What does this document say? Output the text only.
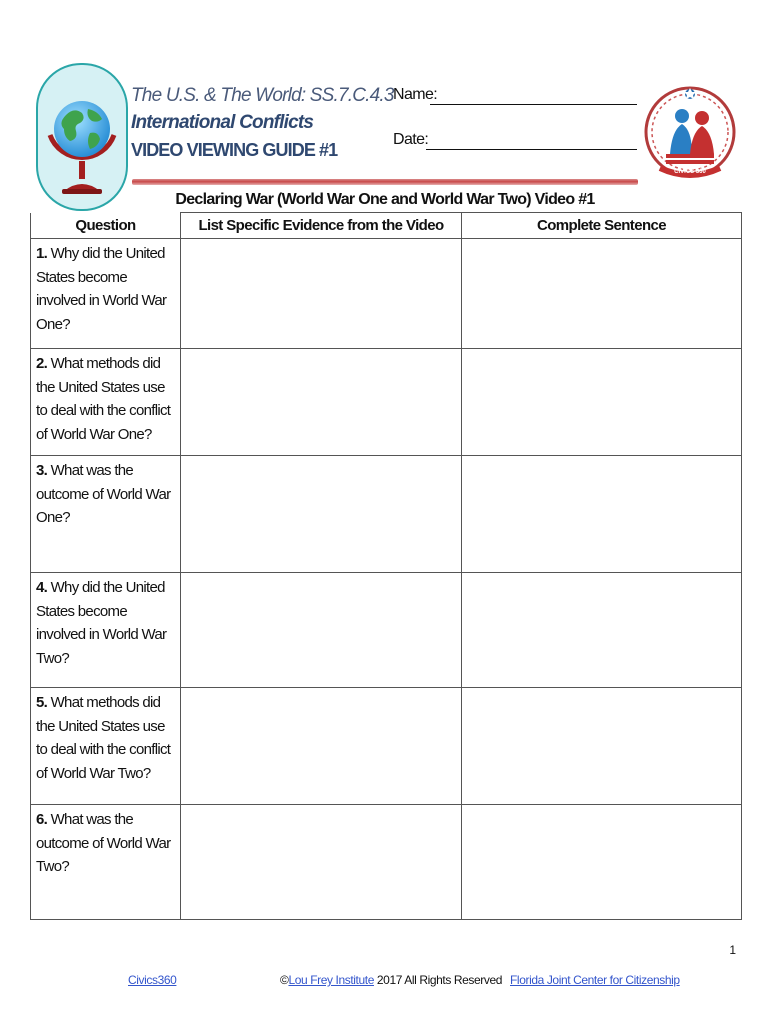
CIVICS 360
The U.S. & The World: SS.7.C.4.3
International Conflicts
VIDEO VIEWING GUIDE #1
Name:
Date:
Declaring War (World War One and World War Two) Video #1
Question	List Specific Evidence from the Video	Complete Sentence
1. Why did the United States become involved in World War One?		
2. What methods did the United States use to deal with the conflict of World War One?		
3. What was the outcome of World War One?		
4. Why did the United States become involved in World War Two?		
5. What methods did the United States use to deal with the conflict of World War Two?		
6. What was the outcome of World War Two?		
1
Civics360	©Lou Frey Institute 2017 All Rights Reserved Florida Joint Center for Citizenship
